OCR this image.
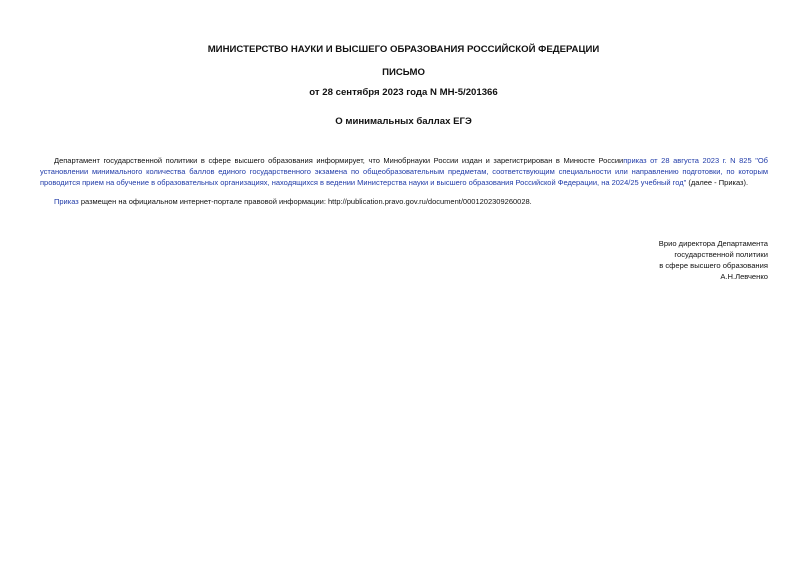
МИНИСТЕРСТВО НАУКИ И ВЫСШЕГО ОБРАЗОВАНИЯ РОССИЙСКОЙ ФЕДЕРАЦИИ
ПИСЬМО
от 28 сентября 2023 года N МН-5/201366
О минимальных баллах ЕГЭ
Департамент государственной политики в сфере высшего образования информирует, что Минобрнауки России издан и зарегистрирован в Минюсте Россииприказ от 28 августа 2023 г. N 825 "Об установлении минимального количества баллов единого государственного экзамена по общеобразовательным предметам, соответствующим специальности или направлению подготовки, по которым проводится прием на обучение в образовательных организациях, находящихся в ведении Министерства науки и высшего образования Российской Федерации, на 2024/25 учебный год" (далее - Приказ).
Приказ размещен на официальном интернет-портале правовой информации: http://publication.pravo.gov.ru/document/0001202309260028.
Врио директора Департамента
государственной политики
в сфере высшего образования
А.Н.Левченко
